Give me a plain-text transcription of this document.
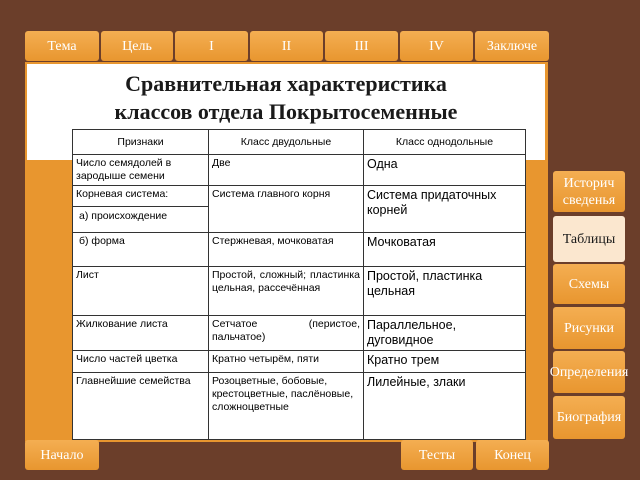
Тема	Цель	I	II	III	IV	Заключе
Сравнительная характеристика
классов отдела Покрытосеменные
Признаки	Класс двудольные	Класс однодольные
Число семядолей в зародыше семени	Две	Одна

Корневая система:
а) происхождение	Система главного корня	Система придаточных корней
б) форма	Стержневая, мочковатая	Мочковатая
Лист	Простой, сложный; пластинка цельная, рассечённая	Простой, пластинка цельная
Жилкование листа	Сетчатое (перистое, пальчатое)	Параллельное, дуговидное
Число частей цветка	Кратно четырём, пяти	Кратно трем
Главнейшие семейства	Розоцветные, бобовые, крестоцветные, паслёновые, сложноцветные	Лилейные, злаки
Историч сведенья
Таблицы
Схемы
Рисунки
Определения
Биография
Начало	Тесты	Конец
